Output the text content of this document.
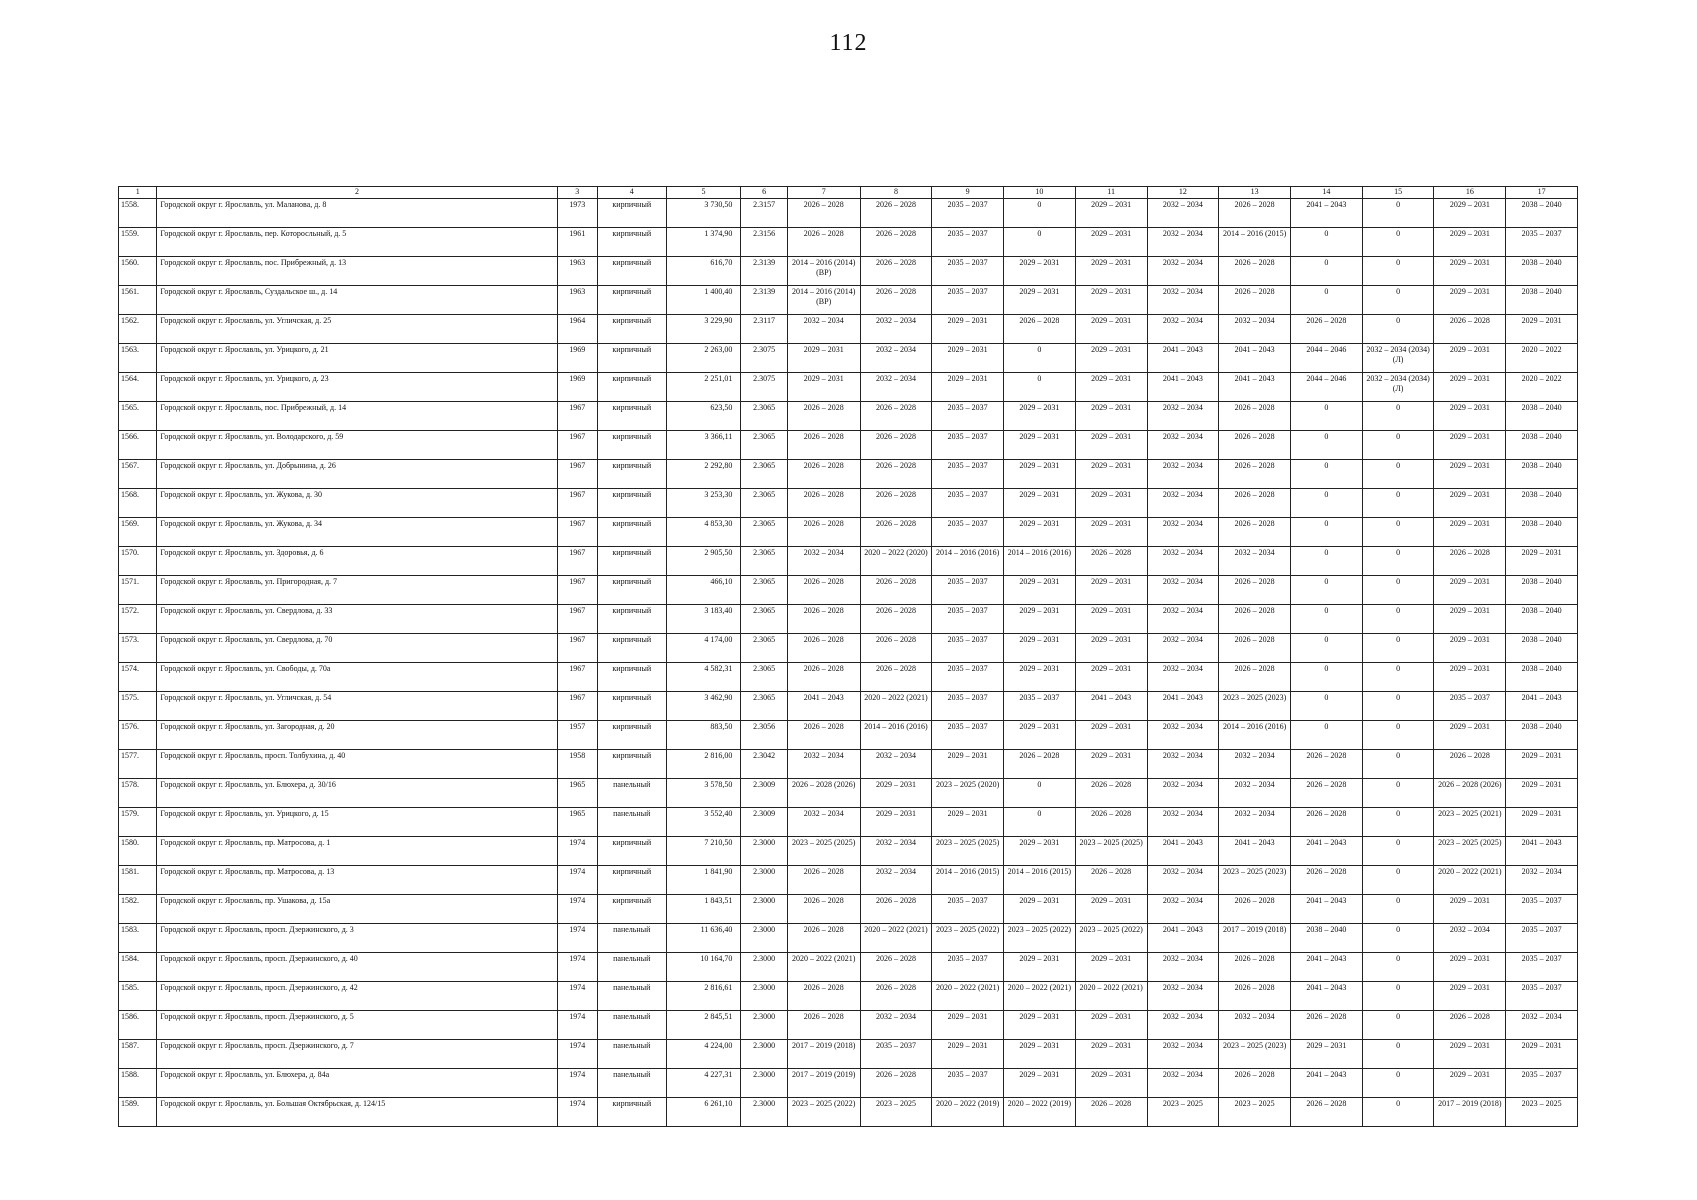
112
1	2	3	4	5	6	7	8	9	10	11	12	13	14	15	16	17
1558.	Городской округ г. Ярославль, ул. Маланова, д. 8	1973	кирпичный	3 730,50	2.3157	2026 – 2028	2026 – 2028	2035 – 2037	0	2029 – 2031	2032 – 2034	2026 – 2028	2041 – 2043	0	2029 – 2031	2038 – 2040
1559.	Городской округ г. Ярославль, пер. Которосльный, д. 5	1961	кирпичный	1 374,90	2.3156	2026 – 2028	2026 – 2028	2035 – 2037	0	2029 – 2031	2032 – 2034	2014 – 2016 (2015)	0	0	2029 – 2031	2035 – 2037
1560.	Городской округ г. Ярославль, пос. Прибрежный, д. 13	1963	кирпичный	616,70	2.3139	2014 – 2016 (2014) (ВР)	2026 – 2028	2035 – 2037	2029 – 2031	2029 – 2031	2032 – 2034	2026 – 2028	0	0	2029 – 2031	2038 – 2040
1561.	Городской округ г. Ярославль, Суздальское ш., д. 14	1963	кирпичный	1 400,40	2.3139	2014 – 2016 (2014) (ВР)	2026 – 2028	2035 – 2037	2029 – 2031	2029 – 2031	2032 – 2034	2026 – 2028	0	0	2029 – 2031	2038 – 2040
1562.	Городской округ г. Ярославль, ул. Угличская, д. 25	1964	кирпичный	3 229,90	2.3117	2032 – 2034	2032 – 2034	2029 – 2031	2026 – 2028	2029 – 2031	2032 – 2034	2032 – 2034	2026 – 2028	0	2026 – 2028	2029 – 2031
1563.	Городской округ г. Ярославль, ул. Урицкого, д. 21	1969	кирпичный	2 263,00	2.3075	2029 – 2031	2032 – 2034	2029 – 2031	0	2029 – 2031	2041 – 2043	2041 – 2043	2044 – 2046	2032 – 2034 (2034) (Л)	2029 – 2031	2020 – 2022
1564.	Городской округ г. Ярославль, ул. Урицкого, д. 23	1969	кирпичный	2 251,01	2.3075	2029 – 2031	2032 – 2034	2029 – 2031	0	2029 – 2031	2041 – 2043	2041 – 2043	2044 – 2046	2032 – 2034 (2034) (Л)	2029 – 2031	2020 – 2022
1565.	Городской округ г. Ярославль, пос. Прибрежный, д. 14	1967	кирпичный	623,50	2.3065	2026 – 2028	2026 – 2028	2035 – 2037	2029 – 2031	2029 – 2031	2032 – 2034	2026 – 2028	0	0	2029 – 2031	2038 – 2040
1566.	Городской округ г. Ярославль, ул. Володарского, д. 59	1967	кирпичный	3 366,11	2.3065	2026 – 2028	2026 – 2028	2035 – 2037	2029 – 2031	2029 – 2031	2032 – 2034	2026 – 2028	0	0	2029 – 2031	2038 – 2040
1567.	Городской округ г. Ярославль, ул. Добрынина, д. 26	1967	кирпичный	2 292,80	2.3065	2026 – 2028	2026 – 2028	2035 – 2037	2029 – 2031	2029 – 2031	2032 – 2034	2026 – 2028	0	0	2029 – 2031	2038 – 2040
1568.	Городской округ г. Ярославль, ул. Жукова, д. 30	1967	кирпичный	3 253,30	2.3065	2026 – 2028	2026 – 2028	2035 – 2037	2029 – 2031	2029 – 2031	2032 – 2034	2026 – 2028	0	0	2029 – 2031	2038 – 2040
1569.	Городской округ г. Ярославль, ул. Жукова, д. 34	1967	кирпичный	4 853,30	2.3065	2026 – 2028	2026 – 2028	2035 – 2037	2029 – 2031	2029 – 2031	2032 – 2034	2026 – 2028	0	0	2029 – 2031	2038 – 2040
1570.	Городской округ г. Ярославль, ул. Здоровья, д. 6	1967	кирпичный	2 905,50	2.3065	2032 – 2034	2020 – 2022 (2020)	2014 – 2016 (2016)	2014 – 2016 (2016)	2026 – 2028	2032 – 2034	2032 – 2034	0	0	2026 – 2028	2029 – 2031
1571.	Городской округ г. Ярославль, ул. Пригородная, д. 7	1967	кирпичный	466,10	2.3065	2026 – 2028	2026 – 2028	2035 – 2037	2029 – 2031	2029 – 2031	2032 – 2034	2026 – 2028	0	0	2029 – 2031	2038 – 2040
1572.	Городской округ г. Ярославль, ул. Свердлова, д. 33	1967	кирпичный	3 183,40	2.3065	2026 – 2028	2026 – 2028	2035 – 2037	2029 – 2031	2029 – 2031	2032 – 2034	2026 – 2028	0	0	2029 – 2031	2038 – 2040
1573.	Городской округ г. Ярославль, ул. Свердлова, д. 70	1967	кирпичный	4 174,00	2.3065	2026 – 2028	2026 – 2028	2035 – 2037	2029 – 2031	2029 – 2031	2032 – 2034	2026 – 2028	0	0	2029 – 2031	2038 – 2040
1574.	Городской округ г. Ярославль, ул. Свободы, д. 70а	1967	кирпичный	4 582,31	2.3065	2026 – 2028	2026 – 2028	2035 – 2037	2029 – 2031	2029 – 2031	2032 – 2034	2026 – 2028	0	0	2029 – 2031	2038 – 2040
1575.	Городской округ г. Ярославль, ул. Угличская, д. 54	1967	кирпичный	3 462,90	2.3065	2041 – 2043	2020 – 2022 (2021)	2035 – 2037	2035 – 2037	2041 – 2043	2041 – 2043	2023 – 2025 (2023)	0	0	2035 – 2037	2041 – 2043
1576.	Городской округ г. Ярославль, ул. Загородная, д. 20	1957	кирпичный	883,50	2.3056	2026 – 2028	2014 – 2016 (2016)	2035 – 2037	2029 – 2031	2029 – 2031	2032 – 2034	2014 – 2016 (2016)	0	0	2029 – 2031	2038 – 2040
1577.	Городской округ г. Ярославль, просп. Толбухина, д. 40	1958	кирпичный	2 816,00	2.3042	2032 – 2034	2032 – 2034	2029 – 2031	2026 – 2028	2029 – 2031	2032 – 2034	2032 – 2034	2026 – 2028	0	2026 – 2028	2029 – 2031
1578.	Городской округ г. Ярославль, ул. Блюхера, д. 30/16	1965	панельный	3 578,50	2.3009	2026 – 2028 (2026)	2029 – 2031	2023 – 2025 (2020)	0	2026 – 2028	2032 – 2034	2032 – 2034	2026 – 2028	0	2026 – 2028 (2026)	2029 – 2031
1579.	Городской округ г. Ярославль, ул. Урицкого, д. 15	1965	панельный	3 552,40	2.3009	2032 – 2034	2029 – 2031	2029 – 2031	0	2026 – 2028	2032 – 2034	2032 – 2034	2026 – 2028	0	2023 – 2025 (2021)	2029 – 2031
1580.	Городской округ г. Ярославль, пр. Матросова, д. 1	1974	кирпичный	7 210,50	2.3000	2023 – 2025 (2025)	2032 – 2034	2023 – 2025 (2025)	2029 – 2031	2023 – 2025 (2025)	2041 – 2043	2041 – 2043	2041 – 2043	0	2023 – 2025 (2025)	2041 – 2043
1581.	Городской округ г. Ярославль, пр. Матросова, д. 13	1974	кирпичный	1 841,90	2.3000	2026 – 2028	2032 – 2034	2014 – 2016 (2015)	2014 – 2016 (2015)	2026 – 2028	2032 – 2034	2023 – 2025 (2023)	2026 – 2028	0	2020 – 2022 (2021)	2032 – 2034
1582.	Городской округ г. Ярославль, пр. Ушакова, д. 15а	1974	кирпичный	1 843,51	2.3000	2026 – 2028	2026 – 2028	2035 – 2037	2029 – 2031	2029 – 2031	2032 – 2034	2026 – 2028	2041 – 2043	0	2029 – 2031	2035 – 2037
1583.	Городской округ г. Ярославль, просп. Дзержинского, д. 3	1974	панельный	11 636,40	2.3000	2026 – 2028	2020 – 2022 (2021)	2023 – 2025 (2022)	2023 – 2025 (2022)	2023 – 2025 (2022)	2041 – 2043	2017 – 2019 (2018)	2038 – 2040	0	2032 – 2034	2035 – 2037
1584.	Городской округ г. Ярославль, просп. Дзержинского, д. 40	1974	панельный	10 164,70	2.3000	2020 – 2022 (2021)	2026 – 2028	2035 – 2037	2029 – 2031	2029 – 2031	2032 – 2034	2026 – 2028	2041 – 2043	0	2029 – 2031	2035 – 2037
1585.	Городской округ г. Ярославль, просп. Дзержинского, д. 42	1974	панельный	2 816,61	2.3000	2026 – 2028	2026 – 2028	2020 – 2022 (2021)	2020 – 2022 (2021)	2020 – 2022 (2021)	2032 – 2034	2026 – 2028	2041 – 2043	0	2029 – 2031	2035 – 2037
1586.	Городской округ г. Ярославль, просп. Дзержинского, д. 5	1974	панельный	2 845,51	2.3000	2026 – 2028	2032 – 2034	2029 – 2031	2029 – 2031	2029 – 2031	2032 – 2034	2032 – 2034	2026 – 2028	0	2026 – 2028	2032 – 2034
1587.	Городской округ г. Ярославль, просп. Дзержинского, д. 7	1974	панельный	4 224,00	2.3000	2017 – 2019 (2018)	2035 – 2037	2029 – 2031	2029 – 2031	2029 – 2031	2032 – 2034	2023 – 2025 (2023)	2029 – 2031	0	2029 – 2031	2029 – 2031
1588.	Городской округ г. Ярославль, ул. Блюхера, д. 84а	1974	панельный	4 227,31	2.3000	2017 – 2019 (2019)	2026 – 2028	2035 – 2037	2029 – 2031	2029 – 2031	2032 – 2034	2026 – 2028	2041 – 2043	0	2029 – 2031	2035 – 2037
1589.	Городской округ г. Ярославль, ул. Большая Октябрьская, д. 124/15	1974	кирпичный	6 261,10	2.3000	2023 – 2025 (2022)	2023 – 2025	2020 – 2022 (2019)	2020 – 2022 (2019)	2026 – 2028	2023 – 2025	2023 – 2025	2026 – 2028	0	2017 – 2019 (2018)	2023 – 2025
